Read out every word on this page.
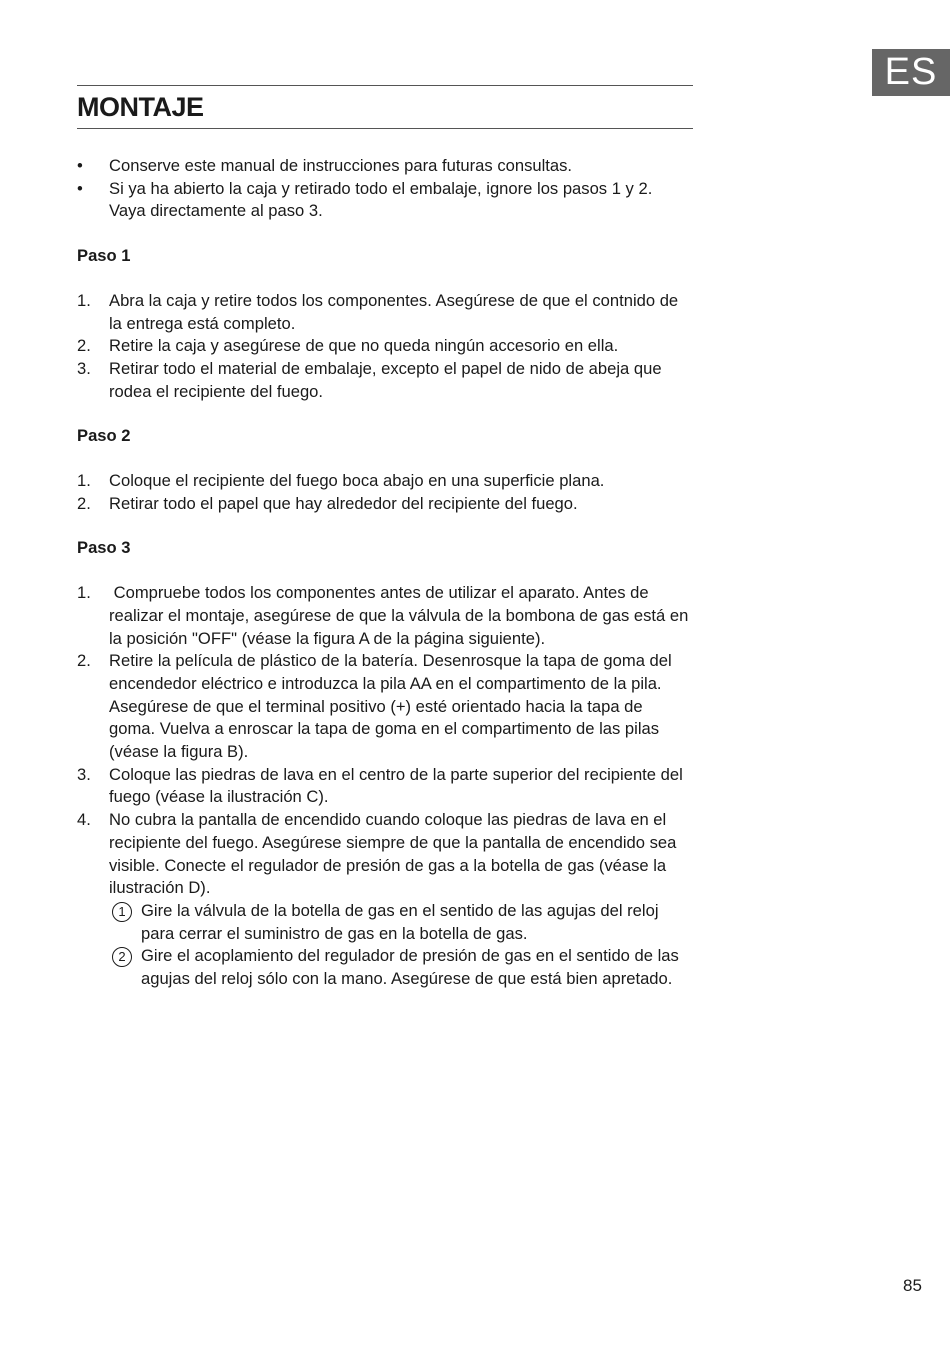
ES
MONTAJE
• Conserve este manual de instrucciones para futuras consultas.
• Si ya ha abierto la caja y retirado todo el embalaje, ignore los pasos 1 y 2. Vaya directamente al paso 3.
Paso 1
1. Abra la caja y retire todos los componentes. Asegúrese de que el contnido de la entrega está completo.
2. Retire la caja y asegúrese de que no queda ningún accesorio en ella.
3. Retirar todo el material de embalaje, excepto el papel de nido de abeja que rodea el recipiente del fuego.
Paso 2
1. Coloque el recipiente del fuego boca abajo en una superficie plana.
2. Retirar todo el papel que hay alrededor del recipiente del fuego.
Paso 3
1. Compruebe todos los componentes antes de utilizar el aparato. Antes de realizar el montaje, asegúrese de que la válvula de la bombona de gas está en la posición "OFF" (véase la figura A de la página siguiente).
2. Retire la película de plástico de la batería. Desenrosque la tapa de goma del encendedor eléctrico e introduzca la pila AA en el compartimento de la pila. Asegúrese de que el terminal positivo (+) esté orientado hacia la tapa de goma. Vuelva a enroscar la tapa de goma en el compartimento de las pilas (véase la figura B).
3. Coloque las piedras de lava en el centro de la parte superior del recipiente del fuego (véase la ilustración C).
4. No cubra la pantalla de encendido cuando coloque las piedras de lava en el recipiente del fuego. Asegúrese siempre de que la pantalla de encendido sea visible. Conecte el regulador de presión de gas a la botella de gas (véase la ilustración D).
1 Gire la válvula de la botella de gas en el sentido de las agujas del reloj para cerrar el suministro de gas en la botella de gas.
2 Gire el acoplamiento del regulador de presión de gas en el sentido de las agujas del reloj sólo con la mano. Asegúrese de que está bien apretado.
85
